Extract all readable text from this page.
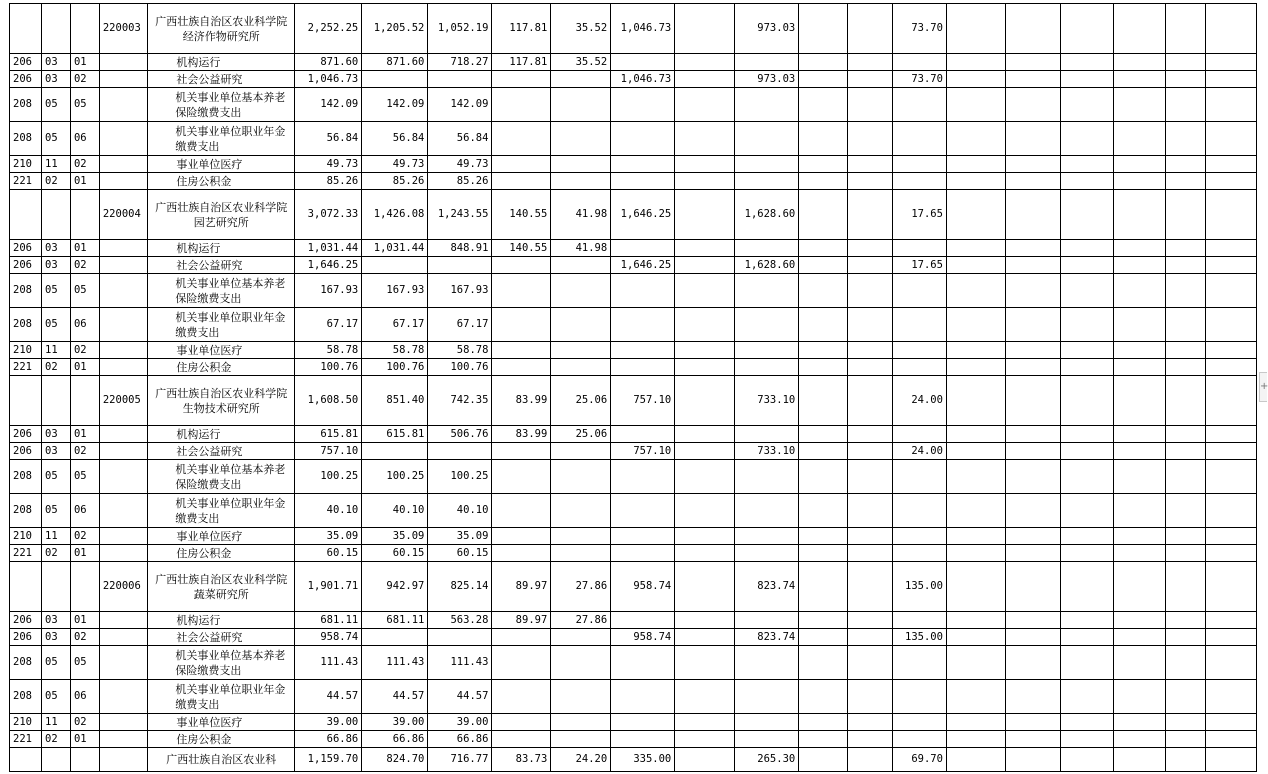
			220003	广西壮族自治区农业科学院经济作物研究所	2,252.25	1,205.52	1,052.19	117.81	35.52	1,046.73		973.03			73.70						
206	03	01		机构运行	871.60	871.60	718.27	117.81	35.52												
206	03	02		社会公益研究	1,046.73					1,046.73		973.03			73.70						
208	05	05		机关事业单位基本养老保险缴费支出	142.09	142.09	142.09														
208	05	06		机关事业单位职业年金缴费支出	56.84	56.84	56.84														
210	11	02		事业单位医疗	49.73	49.73	49.73														
221	02	01		住房公积金	85.26	85.26	85.26														
			220004	广西壮族自治区农业科学院园艺研究所	3,072.33	1,426.08	1,243.55	140.55	41.98	1,646.25		1,628.60			17.65						
206	03	01		机构运行	1,031.44	1,031.44	848.91	140.55	41.98												
206	03	02		社会公益研究	1,646.25					1,646.25		1,628.60			17.65						
208	05	05		机关事业单位基本养老保险缴费支出	167.93	167.93	167.93														
208	05	06		机关事业单位职业年金缴费支出	67.17	67.17	67.17														
210	11	02		事业单位医疗	58.78	58.78	58.78														
221	02	01		住房公积金	100.76	100.76	100.76														
			220005	广西壮族自治区农业科学院生物技术研究所	1,608.50	851.40	742.35	83.99	25.06	757.10		733.10			24.00						
206	03	01		机构运行	615.81	615.81	506.76	83.99	25.06												
206	03	02		社会公益研究	757.10					757.10		733.10			24.00						
208	05	05		机关事业单位基本养老保险缴费支出	100.25	100.25	100.25														
208	05	06		机关事业单位职业年金缴费支出	40.10	40.10	40.10														
210	11	02		事业单位医疗	35.09	35.09	35.09														
221	02	01		住房公积金	60.15	60.15	60.15														
			220006	广西壮族自治区农业科学院蔬菜研究所	1,901.71	942.97	825.14	89.97	27.86	958.74		823.74			135.00						
206	03	01		机构运行	681.11	681.11	563.28	89.97	27.86												
206	03	02		社会公益研究	958.74					958.74		823.74			135.00						
208	05	05		机关事业单位基本养老保险缴费支出	111.43	111.43	111.43														
208	05	06		机关事业单位职业年金缴费支出	44.57	44.57	44.57														
210	11	02		事业单位医疗	39.00	39.00	39.00														
221	02	01		住房公积金	66.86	66.86	66.86														
				广西壮族自治区农业科	1,159.70	824.70	716.77	83.73	24.20	335.00		265.30			69.70						
+
